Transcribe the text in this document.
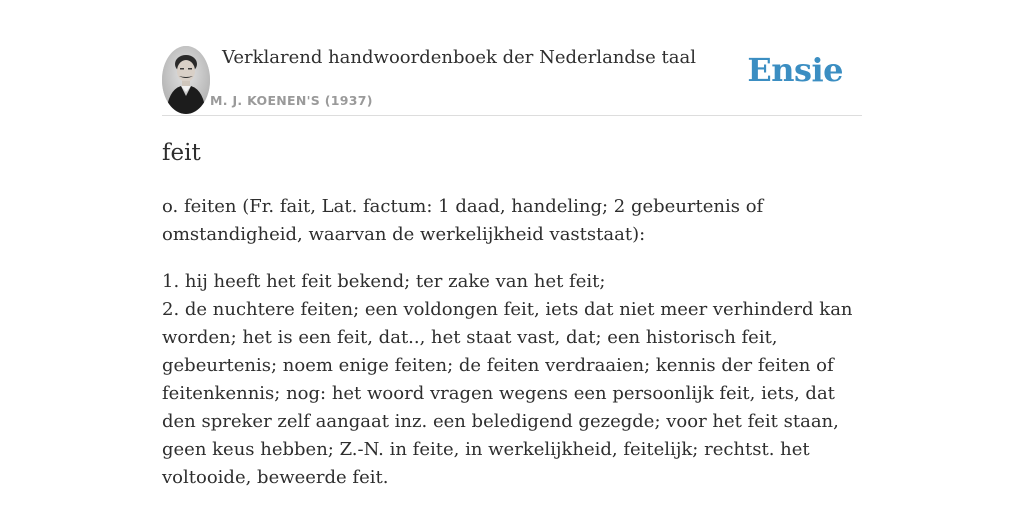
Verklarend handwoordenboek der Nederlandse taal
M. J. KOENEN'S (1937)
Ensie
feit

o. feiten (Fr. fait, Lat. factum: 1 daad, handeling; 2 gebeurtenis of omstandigheid, waarvan de werkelijkheid vaststaat):

1. hij heeft het feit bekend; ter zake van het feit;
2. de nuchtere feiten; een voldongen feit, iets dat niet meer verhinderd kan worden; het is een feit, dat.., het staat vast, dat; een historisch feit, gebeurtenis; noem enige feiten; de feiten verdraaien; kennis der feiten of feitenkennis; nog: het woord vragen wegens een persoonlijk feit, iets, dat den spreker zelf aangaat inz. een beledigend gezegde; voor het feit staan, geen keus hebben; Z.-N. in feite, in werkelijkheid, feitelijk; rechtst. het voltooide, beweerde feit.
